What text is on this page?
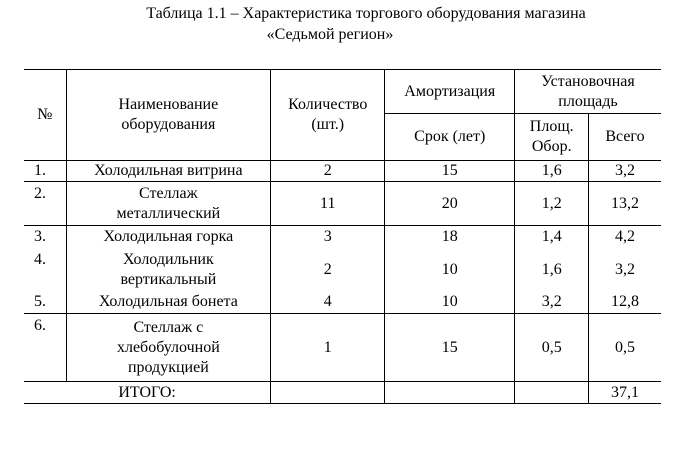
Таблица 1.1 – Характеристика торгового оборудования магазина
«Седьмой регион»
№	Наименование оборудования	Количество (шт.)	Амортизация	Установочная площадь	
			Срок (лет)	Площ. Обор.	Всего
1.	Холодильная витрина	2	15	1,6	3,2
2.	Стеллаж металлический	11	20	1,2	13,2
3.	Холодильная горка	3	18	1,4	4,2
4.	Холодильник вертикальный	2	10	1,6	3,2
5.	Холодильная бонета	4	10	3,2	12,8
6.	Стеллаж с хлебобулочной продукцией	1	15	0,5	0,5
ИТОГО:					37,1
